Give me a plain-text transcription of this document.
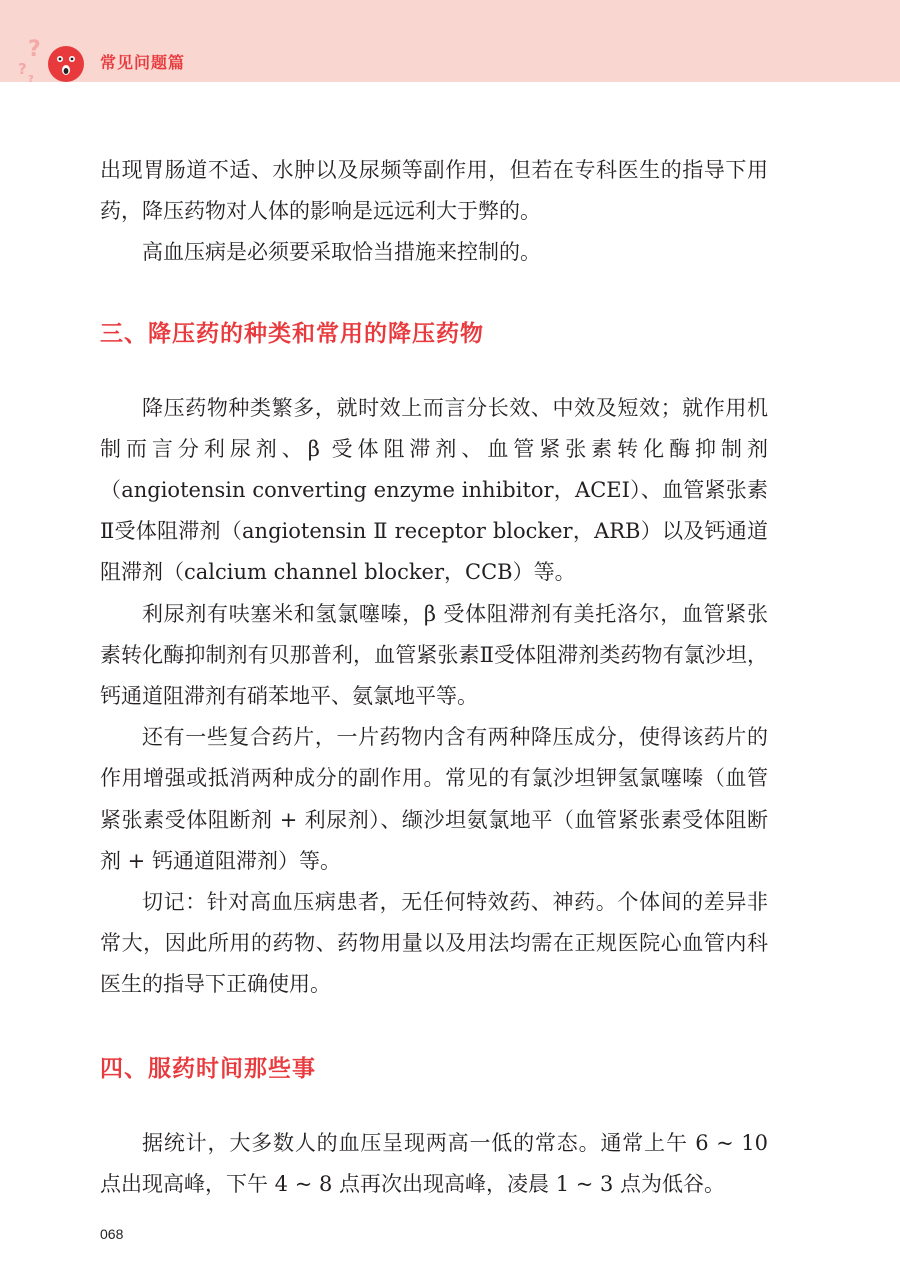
?
?
?
常见问题篇

出现胃肠道不适、水肿以及尿频等副作用，但若在专科医生的指导下用药，降压药物对人体的影响是远远利大于弊的。

高血压病是必须要采取恰当措施来控制的。

三、降压药的种类和常用的降压药物

降压药物种类繁多，就时效上而言分长效、中效及短效；就作用机制而言分利尿剂、β 受体阻滞剂、血管紧张素转化酶抑制剂（angiotensin converting enzyme inhibitor，ACEI）、血管紧张素Ⅱ受体阻滞剂（angiotensin Ⅱ receptor blocker，ARB）以及钙通道阻滞剂（calcium channel blocker，CCB）等。

利尿剂有呋塞米和氢氯噻嗪，β 受体阻滞剂有美托洛尔，血管紧张素转化酶抑制剂有贝那普利，血管紧张素Ⅱ受体阻滞剂类药物有氯沙坦，钙通道阻滞剂有硝苯地平、氨氯地平等。

还有一些复合药片，一片药物内含有两种降压成分，使得该药片的作用增强或抵消两种成分的副作用。常见的有氯沙坦钾氢氯噻嗪（血管紧张素受体阻断剂 + 利尿剂）、缬沙坦氨氯地平（血管紧张素受体阻断剂 + 钙通道阻滞剂）等。

切记：针对高血压病患者，无任何特效药、神药。个体间的差异非常大，因此所用的药物、药物用量以及用法均需在正规医院心血管内科医生的指导下正确使用。

四、服药时间那些事

据统计，大多数人的血压呈现两高一低的常态。通常上午 6 ~ 10 点出现高峰，下午 4 ~ 8 点再次出现高峰，凌晨 1 ~ 3 点为低谷。

068
